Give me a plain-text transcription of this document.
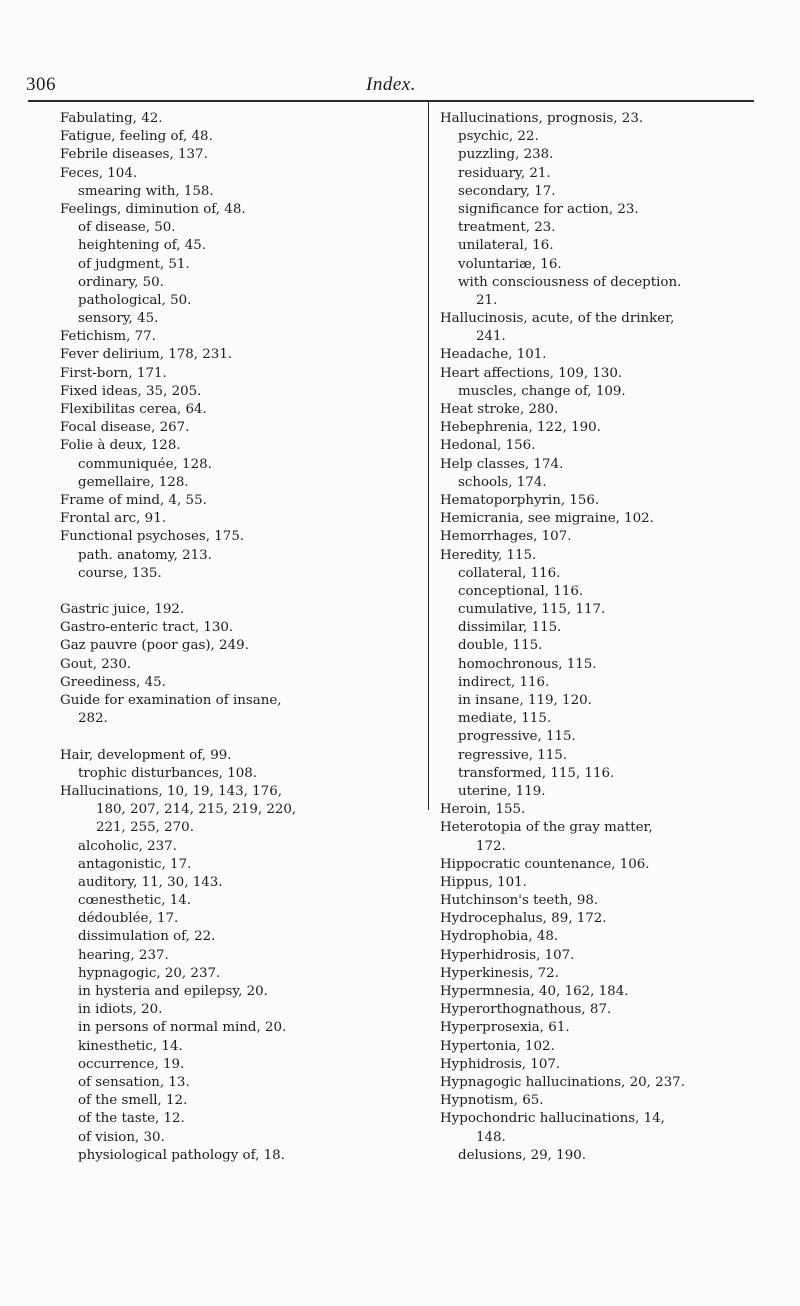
306	Index.
Fabulating, 42.
Fatigue, feeling of, 48.
Febrile diseases, 137.
Feces, 104.
smearing with, 158.
Feelings, diminution of, 48.
of disease, 50.
heightening of, 45.
of judgment, 51.
ordinary, 50.
pathological, 50.
sensory, 45.
Fetichism, 77.
Fever delirium, 178, 231.
First-born, 171.
Fixed ideas, 35, 205.
Flexibilitas cerea, 64.
Focal disease, 267.
Folie à deux, 128.
communiquée, 128.
gemellaire, 128.
Frame of mind, 4, 55.
Frontal arc, 91.
Functional psychoses, 175.
path. anatomy, 213.
course, 135.
Gastric juice, 192.
Gastro-enteric tract, 130.
Gaz pauvre (poor gas), 249.
Gout, 230.
Greediness, 45.
Guide for examination of insane,
282.
Hair, development of, 99.
trophic disturbances, 108.
Hallucinations, 10, 19, 143, 176,
180, 207, 214, 215, 219, 220,
221, 255, 270.
alcoholic, 237.
antagonistic, 17.
auditory, 11, 30, 143.
cœnesthetic, 14.
dédoublée, 17.
dissimulation of, 22.
hearing, 237.
hypnagogic, 20, 237.
in hysteria and epilepsy, 20.
in idiots, 20.
in persons of normal mind, 20.
kinesthetic, 14.
occurrence, 19.
of sensation, 13.
of the smell, 12.
of the taste, 12.
of vision, 30.
physiological pathology of, 18.
Hallucinations, prognosis, 23.
psychic, 22.
puzzling, 238.
residuary, 21.
secondary, 17.
significance for action, 23.
treatment, 23.
unilateral, 16.
voluntariæ, 16.
with consciousness of deception.
21.
Hallucinosis, acute, of the drinker,
241.
Headache, 101.
Heart affections, 109, 130.
muscles, change of, 109.
Heat stroke, 280.
Hebephrenia, 122, 190.
Hedonal, 156.
Help classes, 174.
schools, 174.
Hematoporphyrin, 156.
Hemicrania, see migraine, 102.
Hemorrhages, 107.
Heredity, 115.
collateral, 116.
conceptional, 116.
cumulative, 115, 117.
dissimilar, 115.
double, 115.
homochronous, 115.
indirect, 116.
in insane, 119, 120.
mediate, 115.
progressive, 115.
regressive, 115.
transformed, 115, 116.
uterine, 119.
Heroin, 155.
Heterotopia of the gray matter,
172.
Hippocratic countenance, 106.
Hippus, 101.
Hutchinson's teeth, 98.
Hydrocephalus, 89, 172.
Hydrophobia, 48.
Hyperhidrosis, 107.
Hyperkinesis, 72.
Hypermnesia, 40, 162, 184.
Hyperorthognathous, 87.
Hyperprosexia, 61.
Hypertonia, 102.
Hyphidrosis, 107.
Hypnagogic hallucinations, 20, 237.
Hypnotism, 65.
Hypochondric hallucinations, 14,
148.
delusions, 29, 190.
